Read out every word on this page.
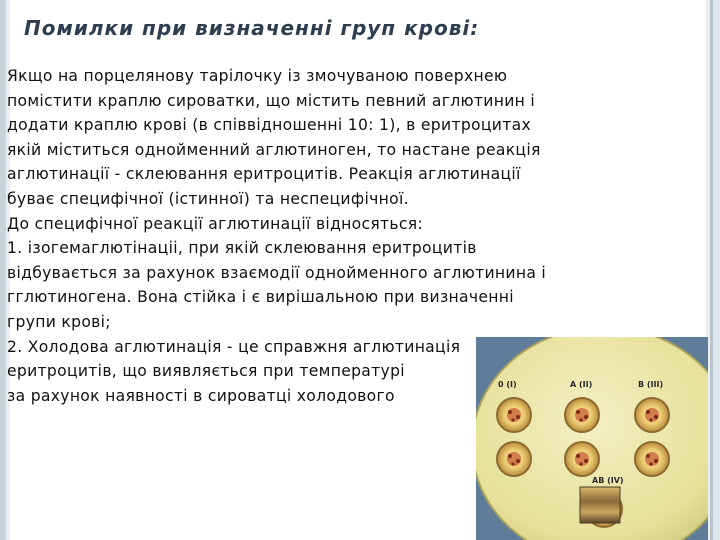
Помилки при визначенні груп крові:
Якщо на порцелянову тарілочку із змочуваною поверхнею
помістити краплю сироватки, що містить певний аглютинин і
додати краплю крові (в співвідношенні 10: 1), в еритроцитах
якій міститься однойменний аглютиноген, то настане реакція
аглютинації - склеювання еритроцитів. Реакція аглютинації
буває специфічної (істинної) та неспецифічної.
До специфічної реакції аглютинації відносяться:
1. ізогемаглютінаціі, при якій склеювання еритроцитів
відбувається за рахунок взаємодії однойменного аглютинина і
гглютиногена. Вона стійка і є вирішальною при визначенні
групи крові;
2. Холодова аглютинація - це справжня аглютинація
еритроцитів, що виявляється при температурі
за рахунок наявності в сироватці холодового
0 (I)	A (II)	B (III)
AB (IV)
